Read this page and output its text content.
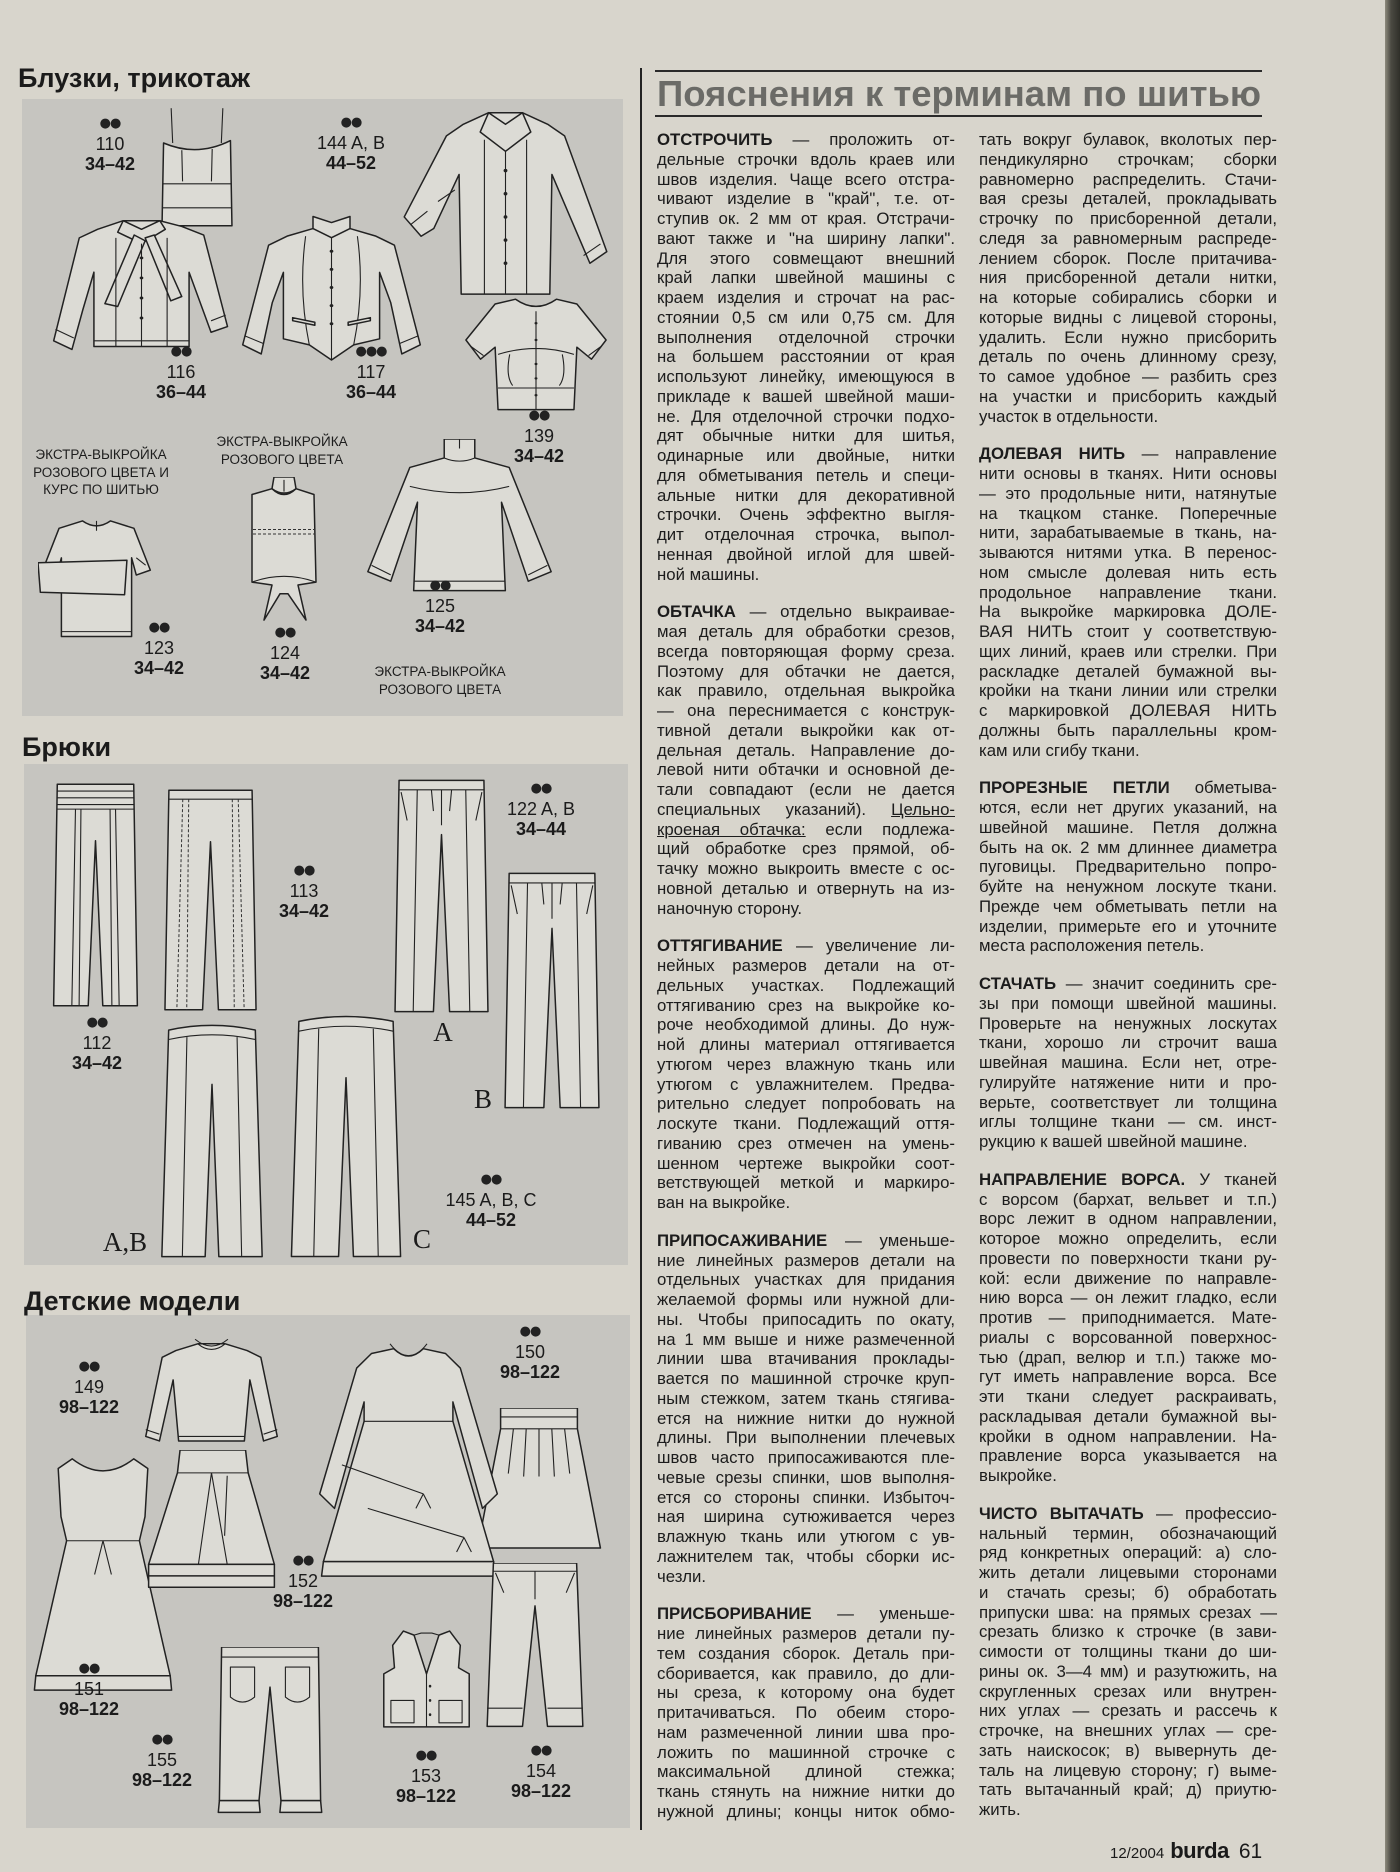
Блузки, трикотаж
Брюки
Детские модели
●●
110
34–42
●●
144 A, B
44–52
●●
116
36–44
●●●
117
36–44
●●
139
34–42
●●
123
34–42
●●
124
34–42
●●
125
34–42
ЭКСТРА-ВЫКРОЙКА
РОЗОВОГО ЦВЕТА И
КУРС ПО ШИТЬЮ
ЭКСТРА-ВЫКРОЙКА
РОЗОВОГО ЦВЕТА
ЭКСТРА-ВЫКРОЙКА
РОЗОВОГО ЦВЕТА
●●
112
34–42
●●
113
34–42
●●
122 A, B
34–44
●●
145 A, B, C
44–52
A
B
A,B	C
●●
149
98–122
●●
150
98–122
●●
151
98–122
●●
152
98–122
●●
155
98–122
●●
153
98–122
●●
154
98–122
Пояснения к терминам по шитью
ОТСТРОЧИТЬ — проложить от-
дельные строчки вдоль краев или
швов изделия. Чаще всего отстра-
чивают изделие в "край", т.е. от-
ступив ок. 2 мм от края. Отстрачи-
вают также и "на ширину лапки".
Для этого совмещают внешний
край лапки швейной машины с
краем изделия и строчат на рас-
стоянии 0,5 см или 0,75 см. Для
выполнения отделочной строчки
на большем расстоянии от края
используют линейку, имеющуюся в
прикладе к вашей швейной маши-
не. Для отделочной строчки подхо-
дят обычные нитки для шитья,
одинарные или двойные, нитки
для обметывания петель и специ-
альные нитки для декоративной
строчки. Очень эффектно выгля-
дит отделочная строчка, выпол-
ненная двойной иглой для швей-
ной машины.
ОБТАЧКА — отдельно выкраивае-
мая деталь для обработки срезов,
всегда повторяющая форму среза.
Поэтому для обтачки не дается,
как правило, отдельная выкройка
— она переснимается с конструк-
тивной детали выкройки как от-
дельная деталь. Направление до-
левой нити обтачки и основной де-
тали совпадают (если не дается
специальных указаний). Цельно-
кроеная обтачка: если подлежа-
щий обработке срез прямой, об-
тачку можно выкроить вместе с ос-
новной деталью и отвернуть на из-
наночную сторону.
ОТТЯГИВАНИЕ — увеличение ли-
нейных размеров детали на от-
дельных участках. Подлежащий
оттягиванию срез на выкройке ко-
роче необходимой длины. До нуж-
ной длины материал оттягивается
утюгом через влажную ткань или
утюгом с увлажнителем. Предва-
рительно следует попробовать на
лоскуте ткани. Подлежащий оття-
гиванию срез отмечен на умень-
шенном чертеже выкройки соот-
ветствующей меткой и маркиро-
ван на выкройке.
ПРИПОСАЖИВАНИЕ — уменьше-
ние линейных размеров детали на
отдельных участках для придания
желаемой формы или нужной дли-
ны. Чтобы припосадить по окату,
на 1 мм выше и ниже размеченной
линии шва втачивания проклады-
вается по машинной строчке круп-
ным стежком, затем ткань стягива-
ется на нижние нитки до нужной
длины. При выполнении плечевых
швов часто припосаживаются пле-
чевые срезы спинки, шов выполня-
ется со стороны спинки. Избыточ-
ная ширина сутюживается через
влажную ткань или утюгом с ув-
лажнителем так, чтобы сборки ис-
чезли.
ПРИСБОРИВАНИЕ — уменьше-
ние линейных размеров детали пу-
тем создания сборок. Деталь при-
сборивается, как правило, до дли-
ны среза, к которому она будет
притачиваться. По обеим сторо-
нам размеченной линии шва про-
ложить по машинной строчке с
максимальной длиной стежка;
ткань стянуть на нижние нитки до
нужной длины; концы ниток обмо-
тать вокруг булавок, вколотых пер-
пендикулярно строчкам; сборки
равномерно распределить. Стачи-
вая срезы деталей, прокладывать
строчку по присборенной детали,
следя за равномерным распреде-
лением сборок. После притачива-
ния присборенной детали нитки,
на которые собирались сборки и
которые видны с лицевой стороны,
удалить. Если нужно присборить
деталь по очень длинному срезу,
то самое удобное — разбить срез
на участки и присборить каждый
участок в отдельности.
ДОЛЕВАЯ НИТЬ — направление
нити основы в тканях. Нити основы
— это продольные нити, натянутые
на ткацком станке. Поперечные
нити, зарабатываемые в ткань, на-
зываются нитями утка. В перенос-
ном смысле долевая нить есть
продольное направление ткани.
На выкройке маркировка ДОЛЕ-
ВАЯ НИТЬ стоит у соответствую-
щих линий, краев или стрелки. При
раскладке деталей бумажной вы-
кройки на ткани линии или стрелки
с маркировкой ДОЛЕВАЯ НИТЬ
должны быть параллельны кром-
кам или сгибу ткани.
ПРОРЕЗНЫЕ ПЕТЛИ обметыва-
ются, если нет других указаний, на
швейной машине. Петля должна
быть на ок. 2 мм длиннее диаметра
пуговицы. Предварительно попро-
буйте на ненужном лоскуте ткани.
Прежде чем обметывать петли на
изделии, примерьте его и уточните
места расположения петель.
СТАЧАТЬ — значит соединить сре-
зы при помощи швейной машины.
Проверьте на ненужных лоскутах
ткани, хорошо ли строчит ваша
швейная машина. Если нет, отре-
гулируйте натяжение нити и про-
верьте, соответствует ли толщина
иглы толщине ткани — см. инст-
рукцию к вашей швейной машине.
НАПРАВЛЕНИЕ ВОРСА. У тканей
с ворсом (бархат, вельвет и т.п.)
ворс лежит в одном направлении,
которое можно определить, если
провести по поверхности ткани ру-
кой: если движение по направле-
нию ворса — он лежит гладко, если
против — приподнимается. Мате-
риалы с ворсованной поверхнос-
тью (драп, велюр и т.п.) также мо-
гут иметь направление ворса. Все
эти ткани следует раскраивать,
раскладывая детали бумажной вы-
кройки в одном направлении. На-
правление ворса указывается на
выкройке.
ЧИСТО ВЫТАЧАТЬ — профессио-
нальный термин, обозначающий
ряд конкретных операций: а) сло-
жить детали лицевыми сторонами
и стачать срезы; б) обработать
припуски шва: на прямых срезах —
срезать близко к строчке (в зави-
симости от толщины ткани до ши-
рины ок. 3—4 мм) и разутюжить, на
скругленных срезах или внутрен-
них углах — срезать и рассечь к
строчке, на внешних углах — сре-
зать наискосок; в) вывернуть де-
таль на лицевую сторону; г) выме-
тать вытачанный край; д) приутю-
жить.
12/2004 burda 61
